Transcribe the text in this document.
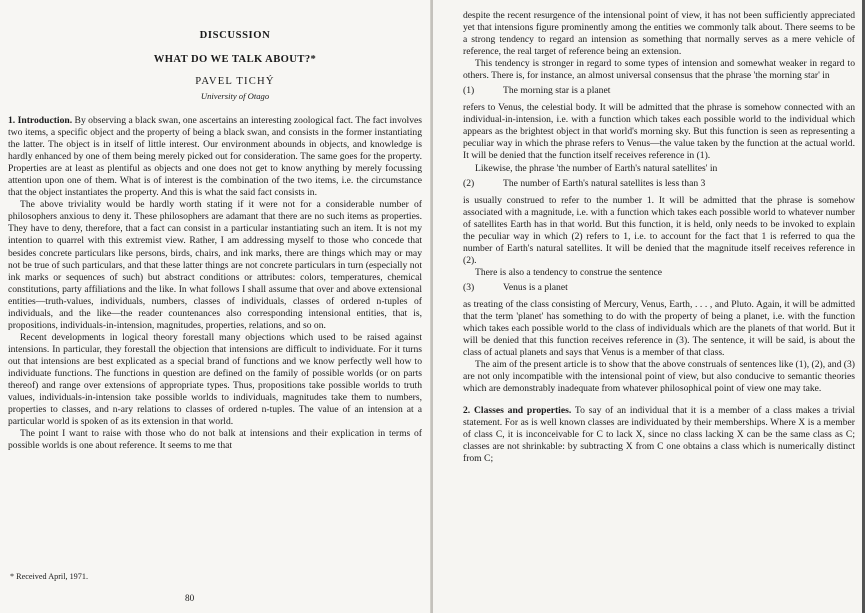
DISCUSSION
WHAT DO WE TALK ABOUT?*
PAVEL TICHÝ
University of Otago

1. Introduction. By observing a black swan, one ascertains an interesting zoological fact. The fact involves two items, a specific object and the property of being a black swan, and consists in the former instantiating the latter. The object is in itself of little interest. Our environment abounds in objects, and knowledge is hardly enhanced by one of them being merely picked out for consideration. The same goes for the property. Properties are at least as plentiful as objects and one does not get to know anything by merely focussing attention upon one of them. What is of interest is the combination of the two items, i.e. the circumstance that the object instantiates the property. And this is what the said fact consists in.

The above triviality would be hardly worth stating if it were not for a considerable number of philosophers anxious to deny it. These philosophers are adamant that there are no such items as properties. They have to deny, therefore, that a fact can consist in a particular instantiating such an item. It is not my intention to quarrel with this extremist view. Rather, I am addressing myself to those who concede that besides concrete particulars like persons, birds, chairs, and ink marks, there are things which may or may not be true of such particulars, and that these latter things are not concrete particulars in turn (especially not ink marks or sequences of such) but abstract conditions or attributes: colors, temperatures, chemical constitutions, party affiliations and the like. In what follows I shall assume that over and above extensional entities—truth-values, individuals, numbers, classes of individuals, classes of ordered n-tuples of individuals, and the like—the reader countenances also corresponding intensional entities, that is, propositions, individuals-in-intension, magnitudes, properties, relations, and so on.

Recent developments in logical theory forestall many objections which used to be raised against intensions. In particular, they forestall the objection that intensions are difficult to individuate. For it turns out that intensions are best explicated as a special brand of functions and we know perfectly well how to individuate functions. The functions in question are defined on the family of possible worlds (or on parts thereof) and range over extensions of appropriate types. Thus, propositions take possible worlds to truth values, individuals-in-intension take possible worlds to individuals, magnitudes take them to numbers, properties to classes, and n-ary relations to classes of ordered n-tuples. The value of an intension at a particular world is spoken of as its extension in that world.

The point I want to raise with those who do not balk at intensions and their explication in terms of possible worlds is one about reference. It seems to me that

* Received April, 1971.
80

despite the recent resurgence of the intensional point of view, it has not been sufficiently appreciated yet that intensions figure prominently among the entities we commonly talk about. There seems to be a strong tendency to regard an intension as something that normally serves as a mere vehicle of reference, the real target of reference being an extension.

This tendency is stronger in regard to some types of intension and somewhat weaker in regard to others. There is, for instance, an almost universal consensus that the phrase 'the morning star' in

(1)	The morning star is a planet

refers to Venus, the celestial body. It will be admitted that the phrase is somehow connected with an individual-in-intension, i.e. with a function which takes each possible world to the individual which appears as the brightest object in that world's morning sky. But this function is seen as representing a peculiar way in which the phrase refers to Venus—the value taken by the function at the actual world. It will be denied that the function itself receives reference in (1).

Likewise, the phrase 'the number of Earth's natural satellites' in

(2)	The number of Earth's natural satellites is less than 3

is usually construed to refer to the number 1. It will be admitted that the phrase is somehow associated with a magnitude, i.e. with a function which takes each possible world to whatever number of satellites Earth has in that world. But this function, it is held, only needs to be invoked to explain the peculiar way in which (2) refers to 1, i.e. to account for the fact that 1 is referred to qua the number of Earth's natural satellites. It will be denied that the magnitude itself receives reference in (2).

There is also a tendency to construe the sentence

(3)	Venus is a planet

as treating of the class consisting of Mercury, Venus, Earth, . . . , and Pluto. Again, it will be admitted that the term 'planet' has something to do with the property of being a planet, i.e. with the function which takes each possible world to the class of individuals which are the planets of that world. But it will be denied that this function receives reference in (3). The sentence, it will be said, is about the class of actual planets and says that Venus is a member of that class.

The aim of the present article is to show that the above construals of sentences like (1), (2), and (3) are not only incompatible with the intensional point of view, but also conducive to semantic theories which are demonstrably inadequate from whatever philosophical point of view one may take.

2. Classes and properties. To say of an individual that it is a member of a class makes a trivial statement. For as is well known classes are individuated by their memberships. Where X is a member of class C, it is inconceivable for C to lack X, since no class lacking X can be the same class as C; classes are not shrinkable: by subtracting X from C one obtains a class which is numerically distinct from C;
